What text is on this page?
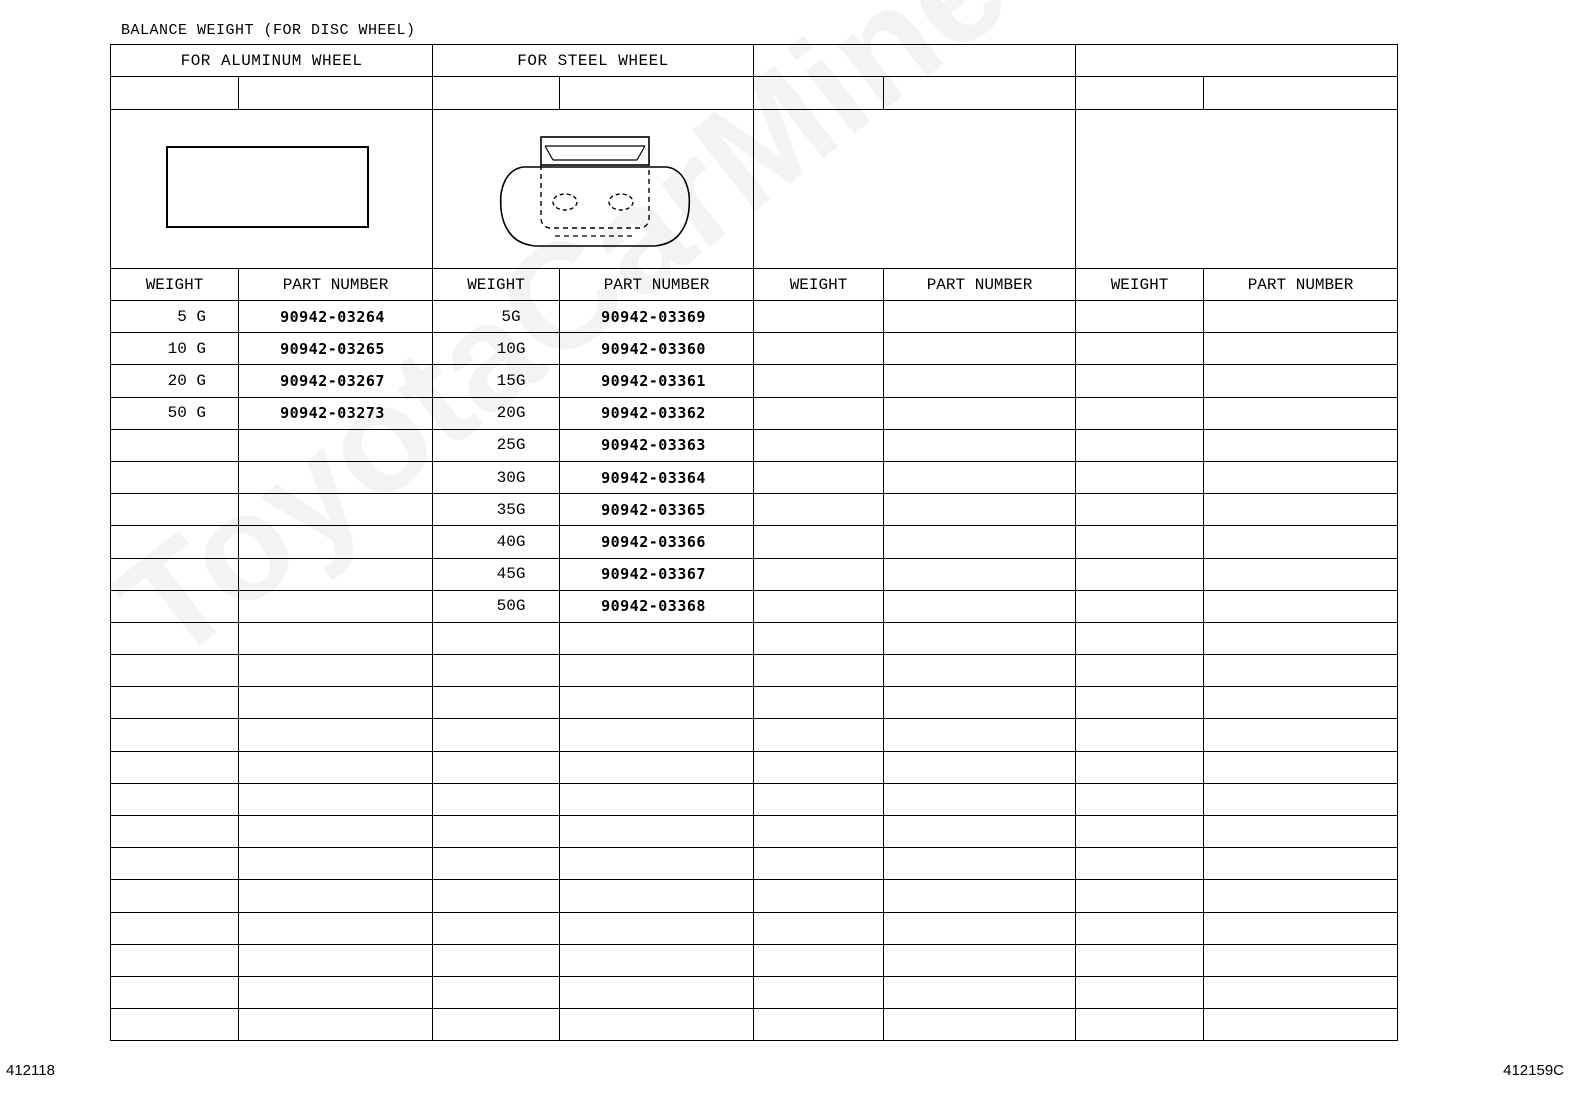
BALANCE WEIGHT (FOR DISC WHEEL)
FOR ALUMINUM WHEEL		FOR STEEL WHEEL					

WEIGHT	PART NUMBER	WEIGHT	PART NUMBER	WEIGHT	PART NUMBER	WEIGHT	PART NUMBER
5 G	90942-03264	5G	90942-03369				
10 G	90942-03265	10G	90942-03360				
20 G	90942-03267	15G	90942-03361				
50 G	90942-03273	20G	90942-03362				
		25G	90942-03363				
		30G	90942-03364				
		35G	90942-03365				
		40G	90942-03366				
		45G	90942-03367				
		50G	90942-03368				

412118	412159C
